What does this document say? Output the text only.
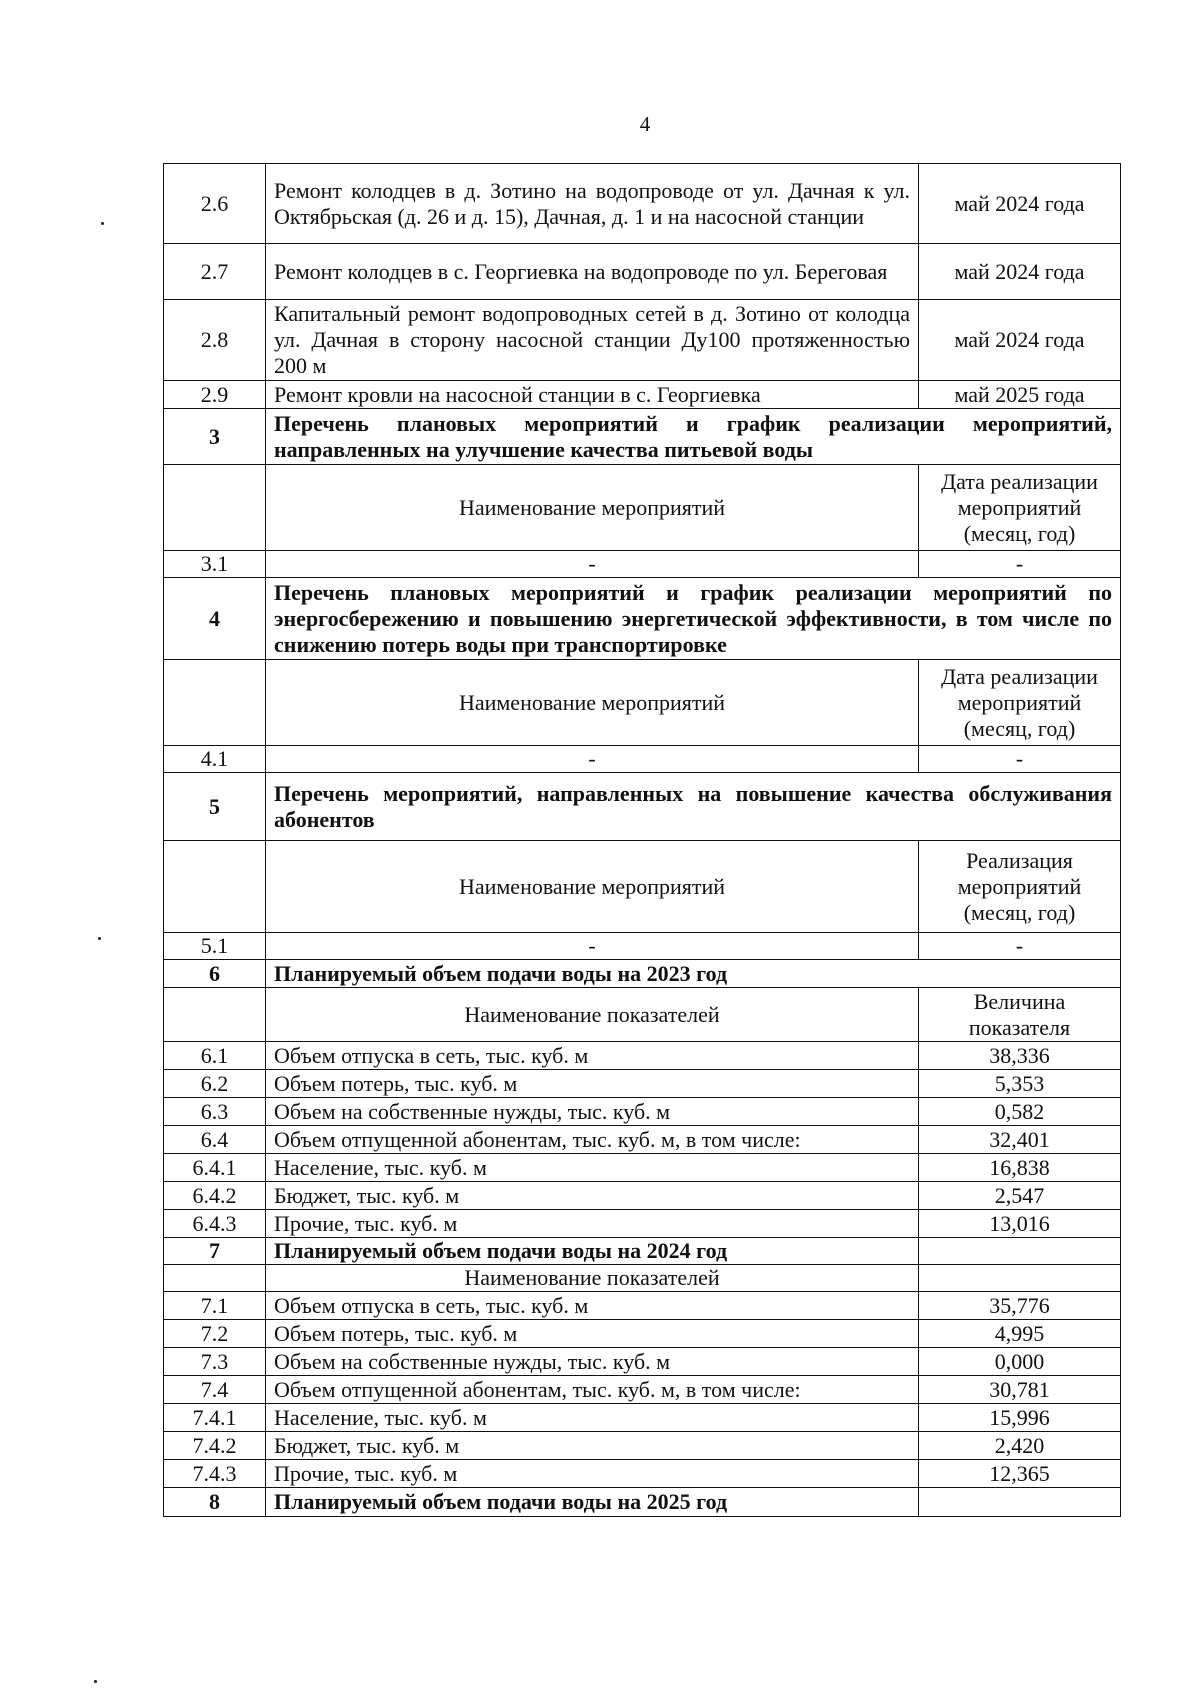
4
2.6	Ремонт колодцев в д. Зотино на водопроводе от ул. Дачная к ул. Октябрьская (д. 26 и д. 15), Дачная, д. 1 и на насосной станции	май 2024 года
2.7	Ремонт колодцев в с. Георгиевка на водопроводе по ул. Береговая	май 2024 года
2.8	Капитальный ремонт водопроводных сетей в д. Зотино от колодца ул. Дачная в сторону насосной станции Ду100 протяженностью 200 м	май 2024 года
2.9	Ремонт кровли на насосной станции в с. Георгиевка	май 2025 года
3	Перечень плановых мероприятий и график реализации мероприятий, направленных на улучшение качества питьевой воды	
	Наименование мероприятий	Дата реализации мероприятий (месяц, год)
3.1	-	-
4	Перечень плановых мероприятий и график реализации мероприятий по энергосбережению и повышению энергетической эффективности, в том числе по снижению потерь воды при транспортировке	
	Наименование мероприятий	Дата реализации мероприятий (месяц, год)
4.1	-	-
5	Перечень мероприятий, направленных на повышение качества обслуживания абонентов	
	Наименование мероприятий	Реализация мероприятий (месяц, год)
5.1	-	-
6	Планируемый объем подачи воды на 2023 год	
	Наименование показателей	Величина показателя
6.1	Объем отпуска в сеть, тыс. куб. м	38,336
6.2	Объем потерь, тыс. куб. м	5,353
6.3	Объем на собственные нужды, тыс. куб. м	0,582
6.4	Объем отпущенной абонентам, тыс. куб. м, в том числе:	32,401
6.4.1	Население, тыс. куб. м	16,838
6.4.2	Бюджет, тыс. куб. м	2,547
6.4.3	Прочие, тыс. куб. м	13,016
7	Планируемый объем подачи воды на 2024 год	
	Наименование показателей	
7.1	Объем отпуска в сеть, тыс. куб. м	35,776
7.2	Объем потерь, тыс. куб. м	4,995
7.3	Объем на собственные нужды, тыс. куб. м	0,000
7.4	Объем отпущенной абонентам, тыс. куб. м, в том числе:	30,781
7.4.1	Население, тыс. куб. м	15,996
7.4.2	Бюджет, тыс. куб. м	2,420
7.4.3	Прочие, тыс. куб. м	12,365
8	Планируемый объем подачи воды на 2025 год	
